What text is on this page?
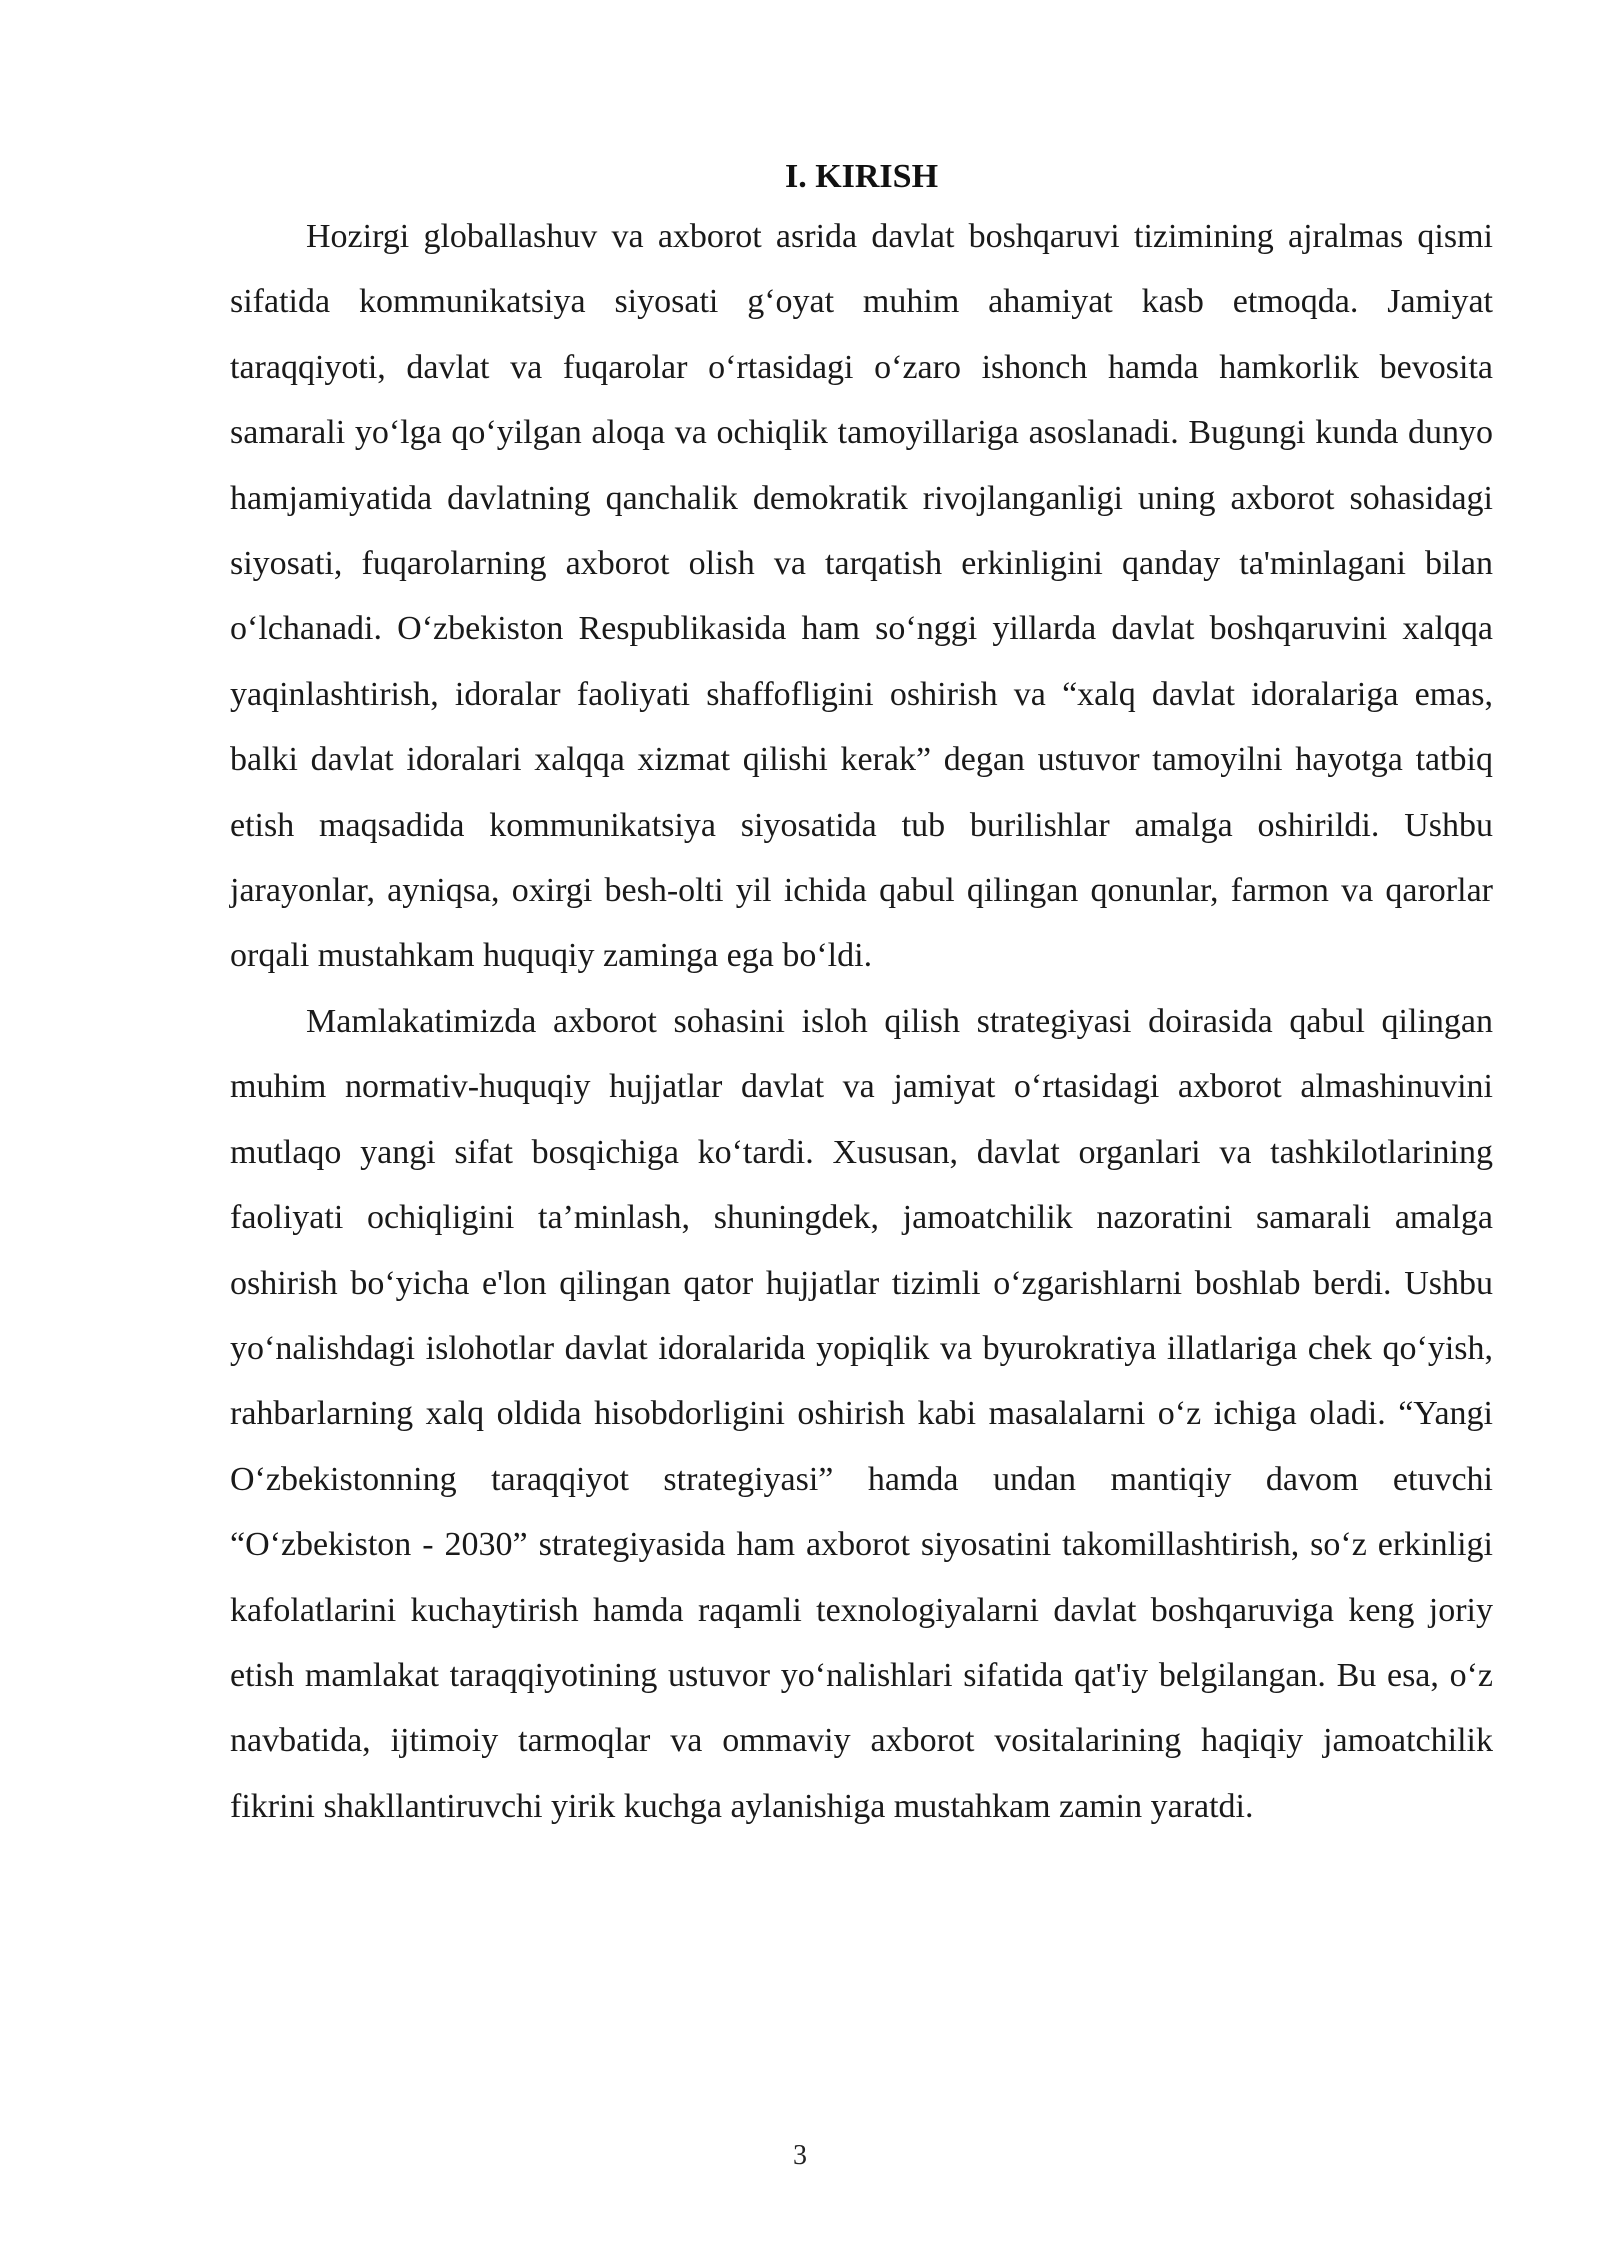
I. KIRISH

Hozirgi globallashuv va axborot asrida davlat boshqaruvi tizimining ajralmas qismi sifatida kommunikatsiya siyosati g‘oyat muhim ahamiyat kasb etmoqda. Jamiyat taraqqiyoti, davlat va fuqarolar o‘rtasidagi o‘zaro ishonch hamda hamkorlik bevosita samarali yo‘lga qo‘yilgan aloqa va ochiqlik tamoyillariga asoslanadi. Bugungi kunda dunyo hamjamiyatida davlatning qanchalik demokratik rivojlanganligi uning axborot sohasidagi siyosati, fuqarolarning axborot olish va tarqatish erkinligini qanday ta'minlagani bilan o‘lchanadi. O‘zbekiston Respublikasida ham so‘nggi yillarda davlat boshqaruvini xalqqa yaqinlashtirish, idoralar faoliyati shaffofligini oshirish va “xalq davlat idoralariga emas, balki davlat idoralari xalqqa xizmat qilishi kerak” degan ustuvor tamoyilni hayotga tatbiq etish maqsadida kommunikatsiya siyosatida tub burilishlar amalga oshirildi. Ushbu jarayonlar, ayniqsa, oxirgi besh-olti yil ichida qabul qilingan qonunlar, farmon va qarorlar orqali mustahkam huquqiy zaminga ega bo‘ldi.

Mamlakatimizda axborot sohasini isloh qilish strategiyasi doirasida qabul qilingan muhim normativ-huquqiy hujjatlar davlat va jamiyat o‘rtasidagi axborot almashinuvini mutlaqo yangi sifat bosqichiga ko‘tardi. Xususan, davlat organlari va tashkilotlarining faoliyati ochiqligini ta’minlash, shuningdek, jamoatchilik nazoratini samarali amalga oshirish bo‘yicha e'lon qilingan qator hujjatlar tizimli o‘zgarishlarni boshlab berdi. Ushbu yo‘nalishdagi islohotlar davlat idoralarida yopiqlik va byurokratiya illatlariga chek qo‘yish, rahbarlarning xalq oldida hisobdorligini oshirish kabi masalalarni o‘z ichiga oladi. “Yangi O‘zbekistonning taraqqiyot strategiyasi” hamda undan mantiqiy davom etuvchi “O‘zbekiston - 2030” strategiyasida ham axborot siyosatini takomillashtirish, so‘z erkinligi kafolatlarini kuchaytirish hamda raqamli texnologiyalarni davlat boshqaruviga keng joriy etish mamlakat taraqqiyotining ustuvor yo‘nalishlari sifatida qat'iy belgilangan. Bu esa, o‘z navbatida, ijtimoiy tarmoqlar va ommaviy axborot vositalarining haqiqiy jamoatchilik fikrini shakllantiruvchi yirik kuchga aylanishiga mustahkam zamin yaratdi.

3
